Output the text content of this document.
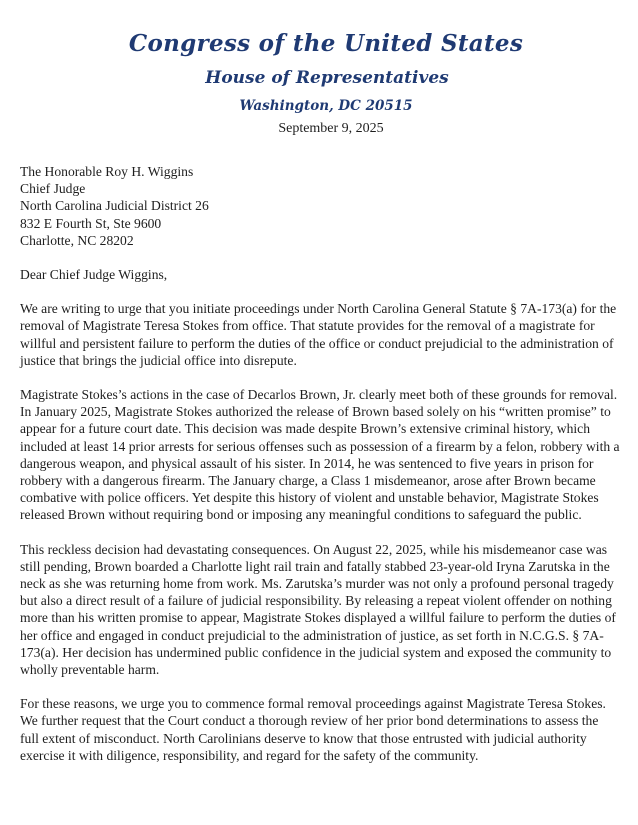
Congress of the United States
House of Representatives
Washington, DC 20515
September 9, 2025
The Honorable Roy H. Wiggins
Chief Judge
North Carolina Judicial District 26
832 E Fourth St, Ste 9600
Charlotte, NC 28202
Dear Chief Judge Wiggins,
We are writing to urge that you initiate proceedings under North Carolina General Statute § 7A-173(a) for the removal of Magistrate Teresa Stokes from office. That statute provides for the removal of a magistrate for willful and persistent failure to perform the duties of the office or conduct prejudicial to the administration of justice that brings the judicial office into disrepute.
Magistrate Stokes’s actions in the case of Decarlos Brown, Jr. clearly meet both of these grounds for removal. In January 2025, Magistrate Stokes authorized the release of Brown based solely on his “written promise” to appear for a future court date. This decision was made despite Brown’s extensive criminal history, which included at least 14 prior arrests for serious offenses such as possession of a firearm by a felon, robbery with a dangerous weapon, and physical assault of his sister. In 2014, he was sentenced to five years in prison for robbery with a dangerous firearm. The January charge, a Class 1 misdemeanor, arose after Brown became combative with police officers. Yet despite this history of violent and unstable behavior, Magistrate Stokes released Brown without requiring bond or imposing any meaningful conditions to safeguard the public.
This reckless decision had devastating consequences. On August 22, 2025, while his misdemeanor case was still pending, Brown boarded a Charlotte light rail train and fatally stabbed 23-year-old Iryna Zarutska in the neck as she was returning home from work. Ms. Zarutska’s murder was not only a profound personal tragedy but also a direct result of a failure of judicial responsibility. By releasing a repeat violent offender on nothing more than his written promise to appear, Magistrate Stokes displayed a willful failure to perform the duties of her office and engaged in conduct prejudicial to the administration of justice, as set forth in N.C.G.S. § 7A-173(a). Her decision has undermined public confidence in the judicial system and exposed the community to wholly preventable harm.
For these reasons, we urge you to commence formal removal proceedings against Magistrate Teresa Stokes. We further request that the Court conduct a thorough review of her prior bond determinations to assess the full extent of misconduct. North Carolinians deserve to know that those entrusted with judicial authority exercise it with diligence, responsibility, and regard for the safety of the community.
